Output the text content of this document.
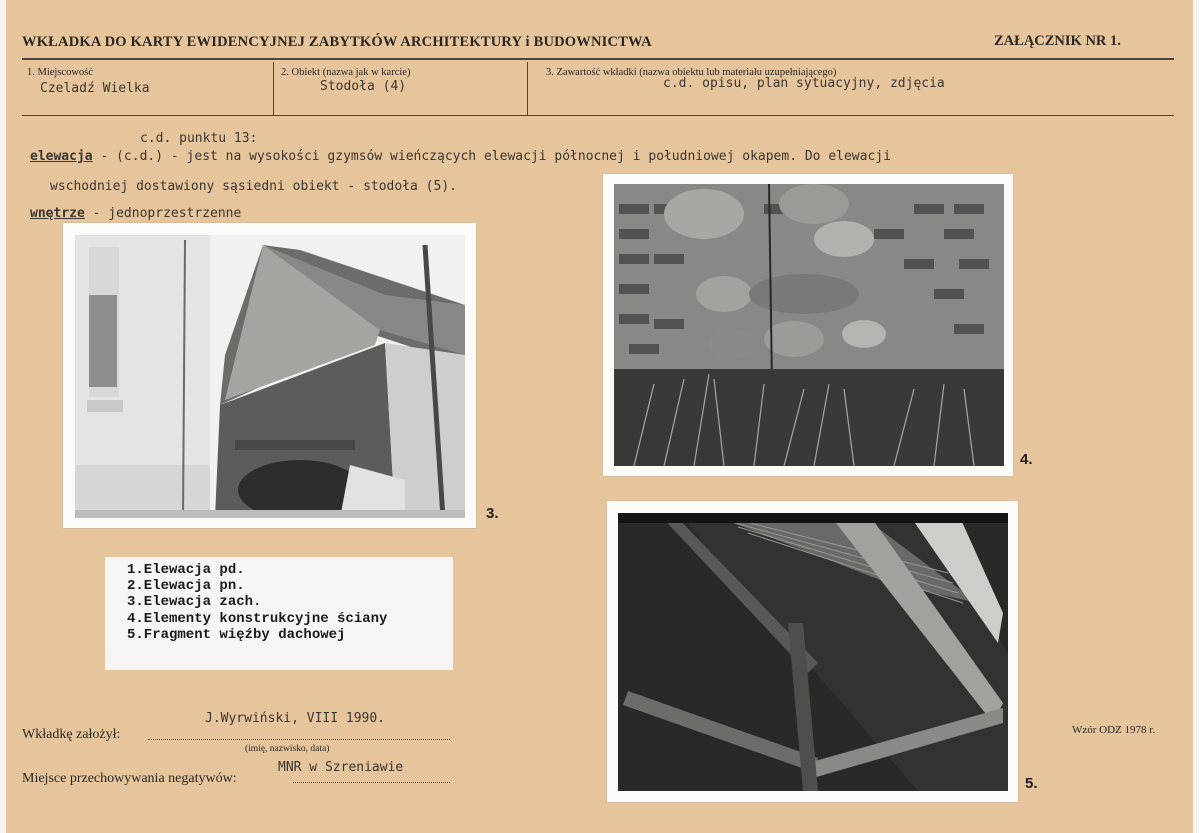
WKŁADKA DO KARTY EWIDENCYJNEJ ZABYTKÓW ARCHITEKTURY i BUDOWNICTWA	ZAŁĄCZNIK NR 1.
1. Miejscowość
Czeladź Wielka
2. Obiekt (nazwa jak w karcie)
Stodoła (4)
3. Zawartość wkładki (nazwa obiektu lub materiału uzupełniającego)
c.d. opisu, plan sytuacyjny, zdjęcia
c.d. punktu 13:
elewacja - (c.d.) - jest na wysokości gzymsów wieńczących elewacji północnej i południowej okapem. Do elewacji
wschodniej dostawiony sąsiedni obiekt - stodoła (5).
wnętrze - jednoprzestrzenne
3.
4.
1.Elewacja pd.
2.Elewacja pn.
3.Elewacja zach.
4.Elementy konstrukcyjne ściany
5.Fragment więźby dachowej
5.
J.Wyrwiński, VIII 1990.
Wkładkę założył:
(imię, nazwisko, data)
Miejsce przechowywania negatywów:
MNR w Szreniawie
Wzór ODZ 1978 r.
